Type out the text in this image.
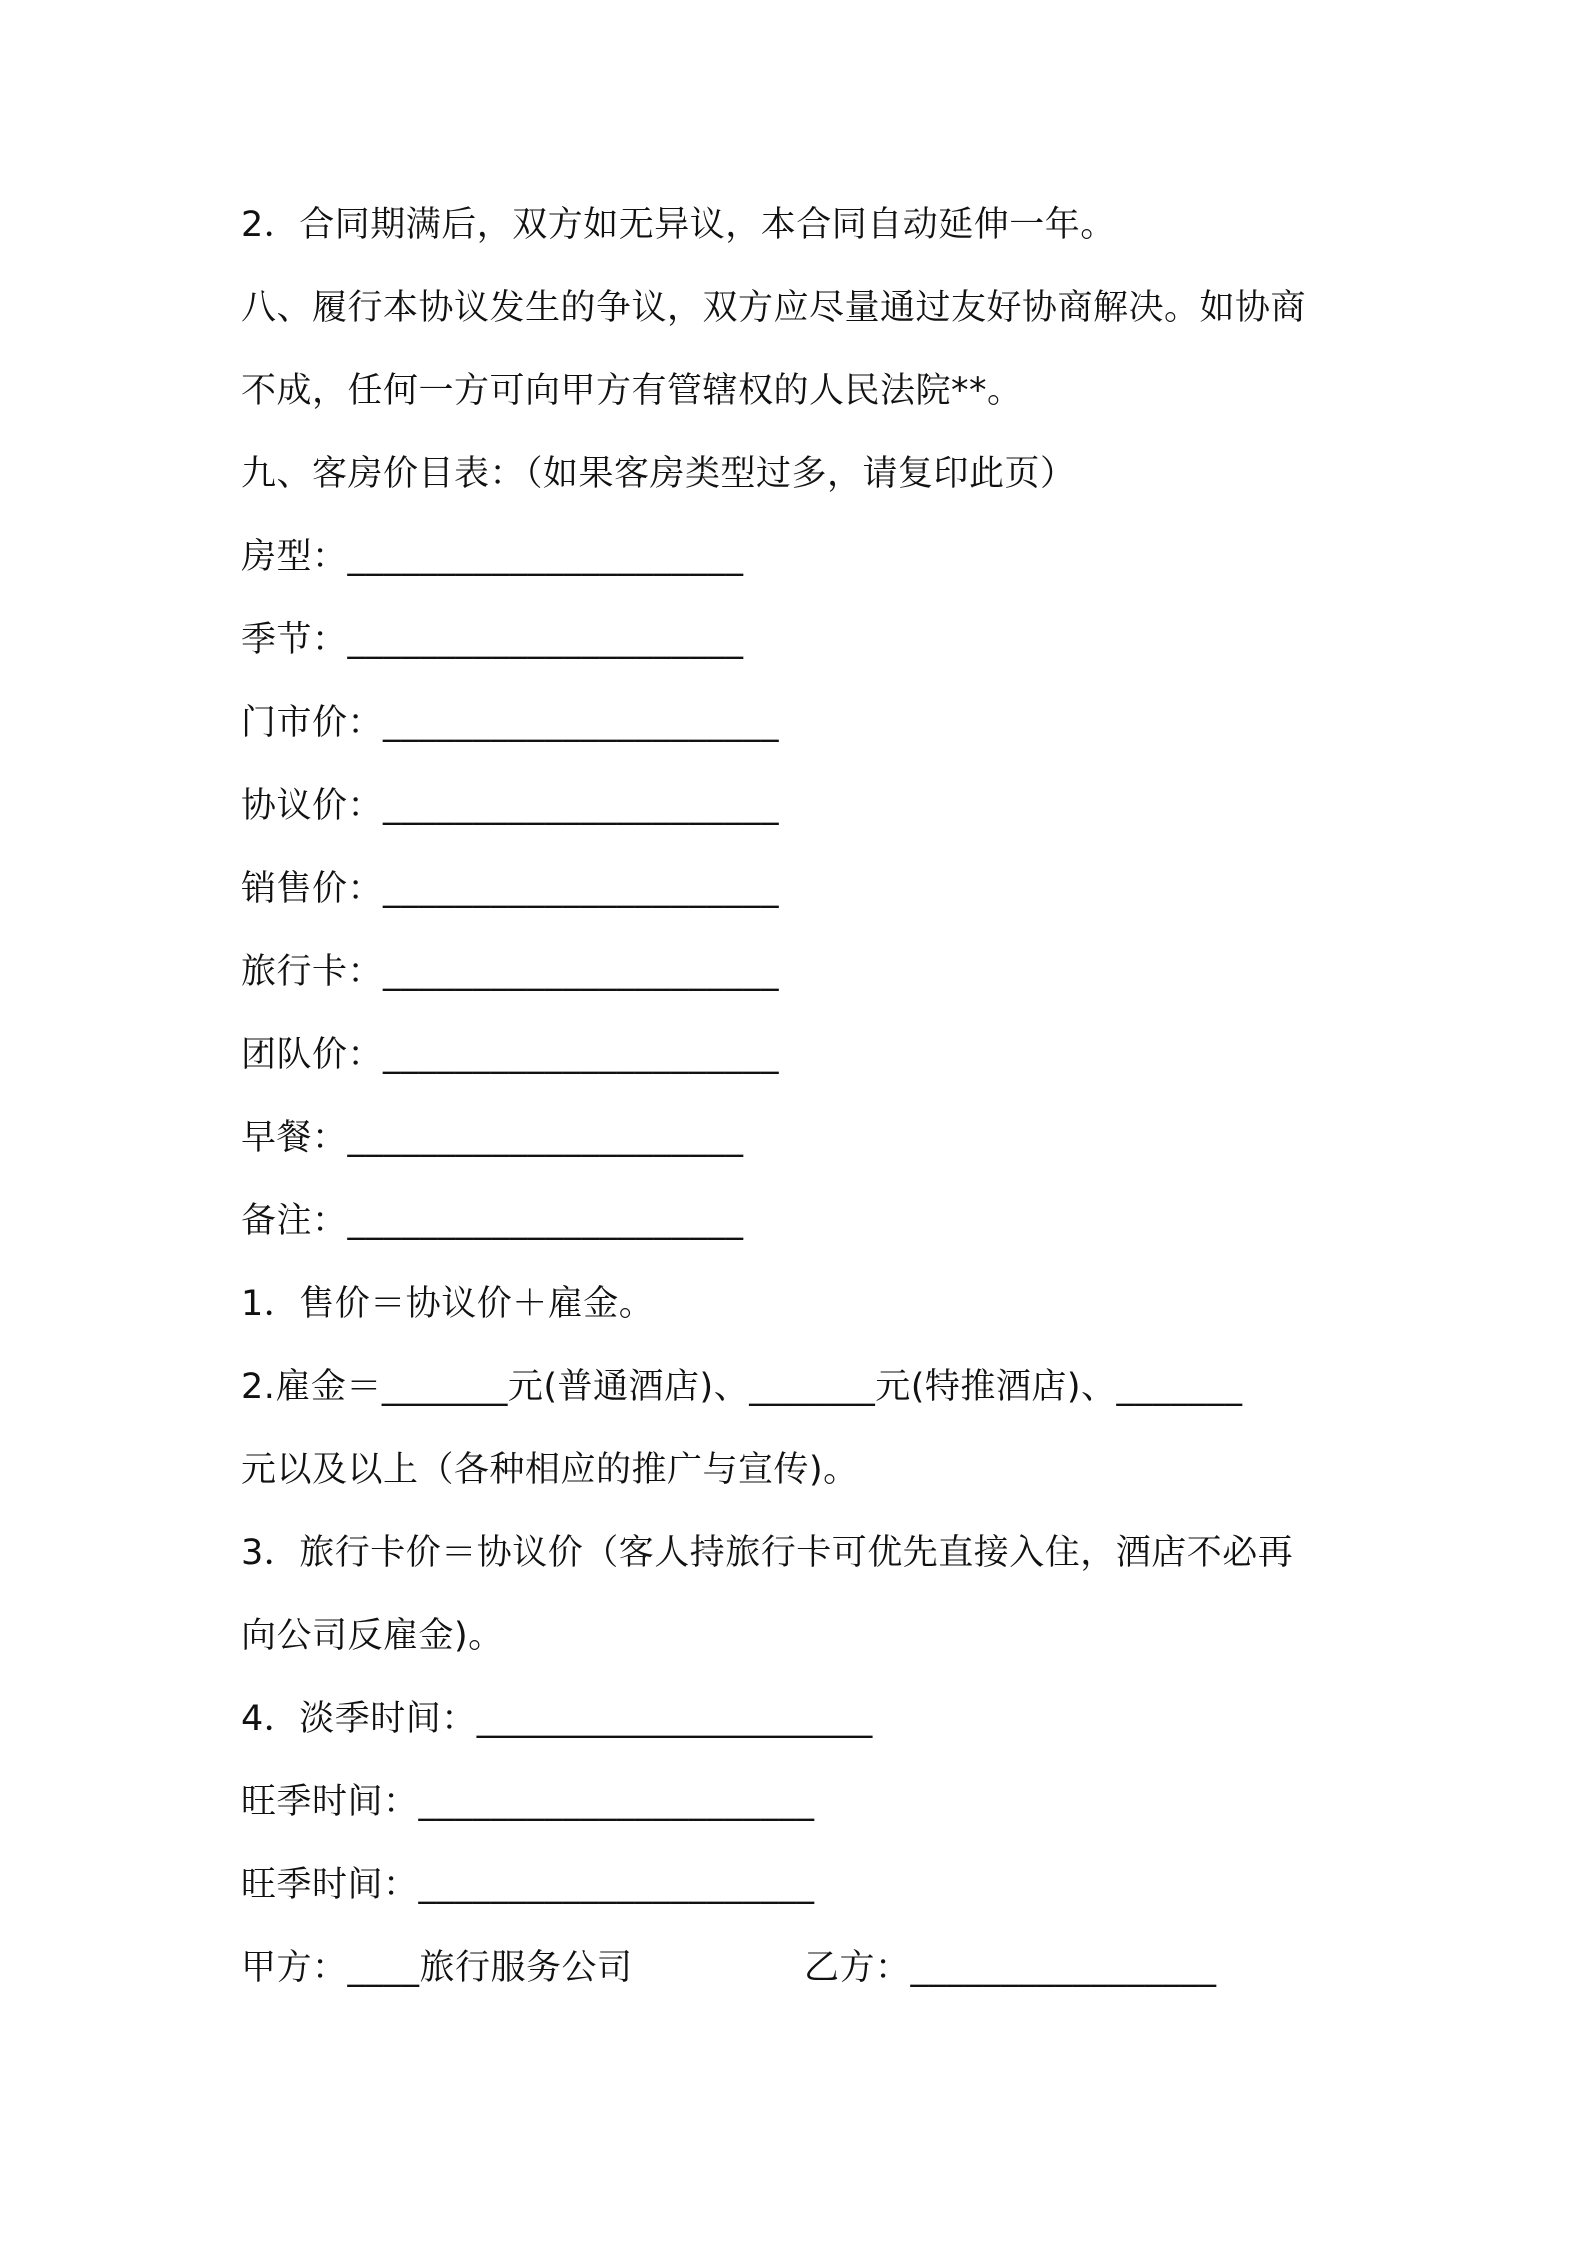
2．合同期满后，双方如无异议，本合同自动延伸一年。
八、履行本协议发生的争议，双方应尽量通过友好协商解决。如协商
不成，任何一方可向甲方有管辖权的人民法院**。
九、客房价目表：（如果客房类型过多，请复印此页）
房型：______________________
季节：______________________
门市价：______________________
协议价：______________________
销售价：______________________
旅行卡：______________________
团队价：______________________
早餐：______________________
备注：______________________
1．售价＝协议价＋雇金。
2.雇金＝_______元(普通酒店)、_______元(特推酒店)、_______
元以及以上（各种相应的推广与宣传)。
3．旅行卡价＝协议价（客人持旅行卡可优先直接入住，酒店不必再
向公司反雇金)。
4．淡季时间：______________________
旺季时间：______________________
旺季时间：______________________
甲方：____旅行服务公司	乙方：_________________
